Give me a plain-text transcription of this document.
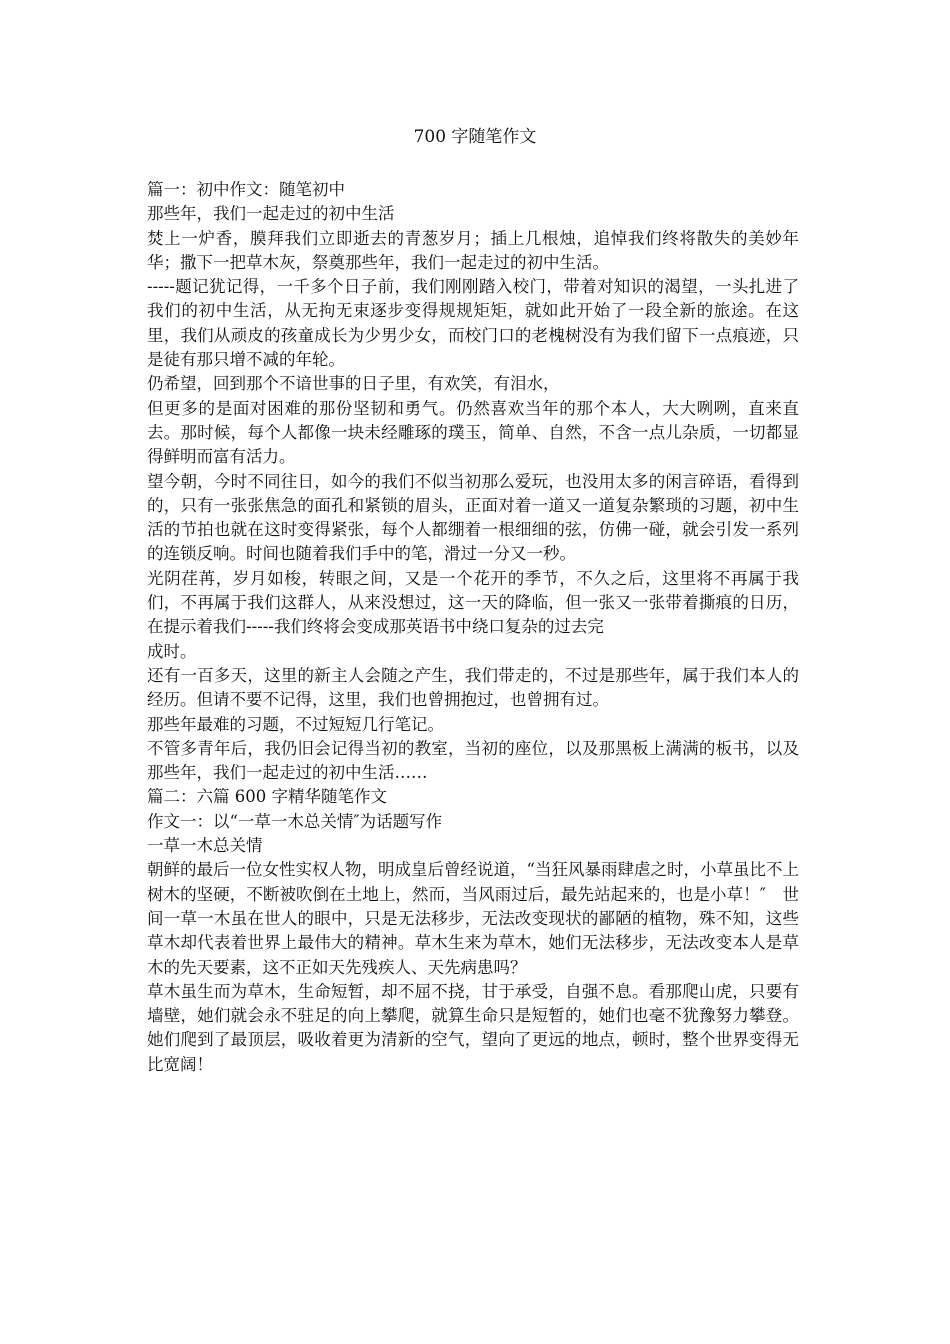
700 字随笔作文

篇一：初中作文：随笔初中

那些年，我们一起走过的初中生活

焚上一炉香，膜拜我们立即逝去的青葱岁月；插上几根烛，追悼我们终将散失的美妙年华；撒下一把草木灰，祭奠那些年，我们一起走过的初中生活。

-----题记犹记得，一千多个日子前，我们刚刚踏入校门，带着对知识的渴望，一头扎进了我们的初中生活，从无拘无束逐步变得规规矩矩，就如此开始了一段全新的旅途。在这里，我们从顽皮的孩童成长为少男少女，而校门口的老槐树没有为我们留下一点痕迹，只是徒有那只增不减的年轮。

仍希望，回到那个不谙世事的日子里，有欢笑，有泪水，

但更多的是面对困难的那份坚韧和勇气。仍然喜欢当年的那个本人，大大咧咧，直来直去。那时候，每个人都像一块未经雕琢的璞玉，简单、自然，不含一点儿杂质，一切都显得鲜明而富有活力。

望今朝，今时不同往日，如今的我们不似当初那么爱玩，也没用太多的闲言碎语，看得到的，只有一张张焦急的面孔和紧锁的眉头，正面对着一道又一道复杂繁琐的习题，初中生活的节拍也就在这时变得紧张，每个人都绷着一根细细的弦，仿佛一碰，就会引发一系列的连锁反响。时间也随着我们手中的笔，滑过一分又一秒。

光阴荏苒，岁月如梭，转眼之间，又是一个花开的季节，不久之后，这里将不再属于我们，不再属于我们这群人，从来没想过，这一天的降临，但一张又一张带着撕痕的日历，在提示着我们-----我们终将会变成那英语书中绕口复杂的过去完

成时。

还有一百多天，这里的新主人会随之产生，我们带走的，不过是那些年，属于我们本人的经历。但请不要不记得，这里，我们也曾拥抱过，也曾拥有过。

那些年最难的习题，不过短短几行笔记。

不管多青年后，我仍旧会记得当初的教室，当初的座位，以及那黑板上满满的板书，以及那些年，我们一起走过的初中生活……

篇二：六篇 600 字精华随笔作文

作文一：以“一草一木总关情″为话题写作

一草一木总关情

朝鲜的最后一位女性实权人物，明成皇后曾经说道，“当狂风暴雨肆虐之时，小草虽比不上树木的坚硬，不断被吹倒在土地上，然而，当风雨过后，最先站起来的，也是小草！″　世间一草一木虽在世人的眼中，只是无法移步，无法改变现状的鄙陋的植物，殊不知，这些草木却代表着世界上最伟大的精神。草木生来为草木，她们无法移步，无法改变本人是草木的先天要素，这不正如天先残疾人、天先病患吗？

草木虽生而为草木，生命短暂，却不屈不挠，甘于承受，自强不息。看那爬山虎，只要有墙壁，她们就会永不驻足的向上攀爬，就算生命只是短暂的，她们也毫不犹豫努力攀登。她们爬到了最顶层，吸收着更为清新的空气，望向了更远的地点，顿时，整个世界变得无比宽阔！
